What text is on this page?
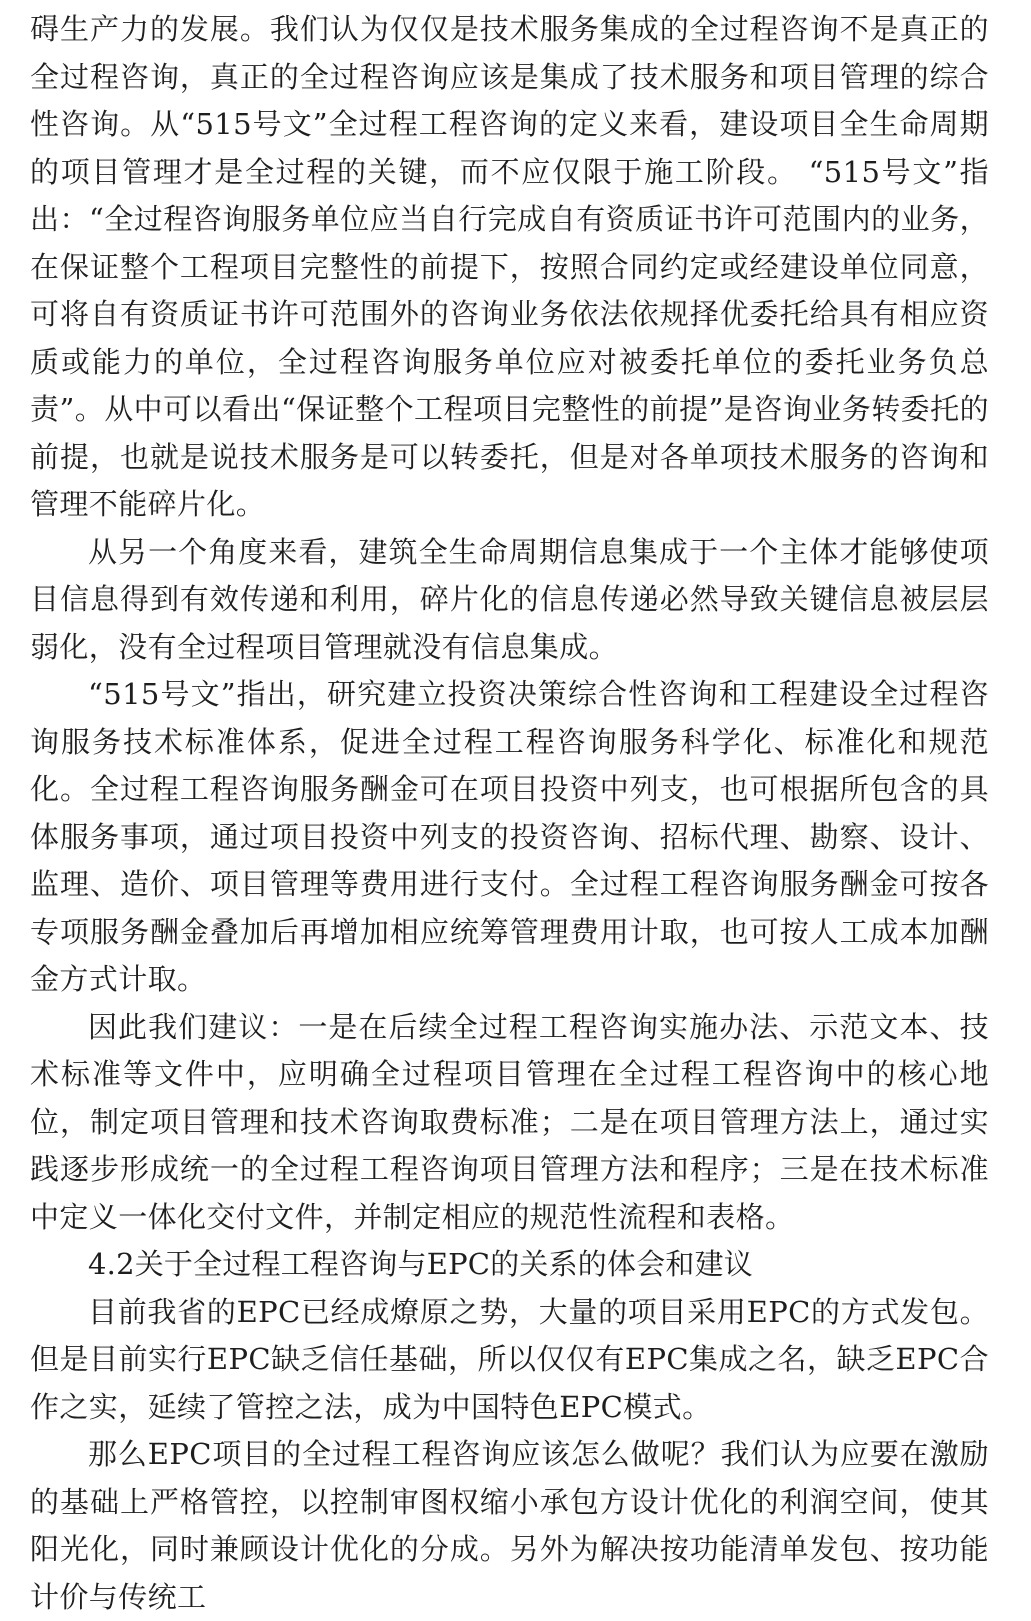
碍生产力的发展。我们认为仅仅是技术服务集成的全过程咨询不是真正的全过程咨询，真正的全过程咨询应该是集成了技术服务和项目管理的综合性咨询。从“515号文”全过程工程咨询的定义来看，建设项目全生命周期的项目管理才是全过程的关键，而不应仅限于施工阶段。 “515号文”指出：“全过程咨询服务单位应当自行完成自有资质证书许可范围内的业务，在保证整个工程项目完整性的前提下，按照合同约定或经建设单位同意，可将自有资质证书许可范围外的咨询业务依法依规择优委托给具有相应资质或能力的单位，全过程咨询服务单位应对被委托单位的委托业务负总责”。从中可以看出“保证整个工程项目完整性的前提”是咨询业务转委托的前提，也就是说技术服务是可以转委托，但是对各单项技术服务的咨询和管理不能碎片化。

从另一个角度来看，建筑全生命周期信息集成于一个主体才能够使项目信息得到有效传递和利用，碎片化的信息传递必然导致关键信息被层层弱化，没有全过程项目管理就没有信息集成。

“515号文”指出，研究建立投资决策综合性咨询和工程建设全过程咨询服务技术标准体系，促进全过程工程咨询服务科学化、标准化和规范化。全过程工程咨询服务酬金可在项目投资中列支，也可根据所包含的具体服务事项，通过项目投资中列支的投资咨询、招标代理、勘察、设计、监理、造价、项目管理等费用进行支付。全过程工程咨询服务酬金可按各专项服务酬金叠加后再增加相应统筹管理费用计取，也可按人工成本加酬金方式计取。

因此我们建议：一是在后续全过程工程咨询实施办法、示范文本、技术标准等文件中，应明确全过程项目管理在全过程工程咨询中的核心地位，制定项目管理和技术咨询取费标准；二是在项目管理方法上，通过实践逐步形成统一的全过程工程咨询项目管理方法和程序；三是在技术标准中定义一体化交付文件，并制定相应的规范性流程和表格。

4.2关于全过程工程咨询与EPC的关系的体会和建议

目前我省的EPC已经成燎原之势，大量的项目采用EPC的方式发包。但是目前实行EPC缺乏信任基础，所以仅仅有EPC集成之名，缺乏EPC合作之实，延续了管控之法，成为中国特色EPC模式。

那么EPC项目的全过程工程咨询应该怎么做呢？我们认为应要在激励的基础上严格管控，以控制审图权缩小承包方设计优化的利润空间，使其阳光化，同时兼顾设计优化的分成。另外为解决按功能清单发包、按功能计价与传统工
